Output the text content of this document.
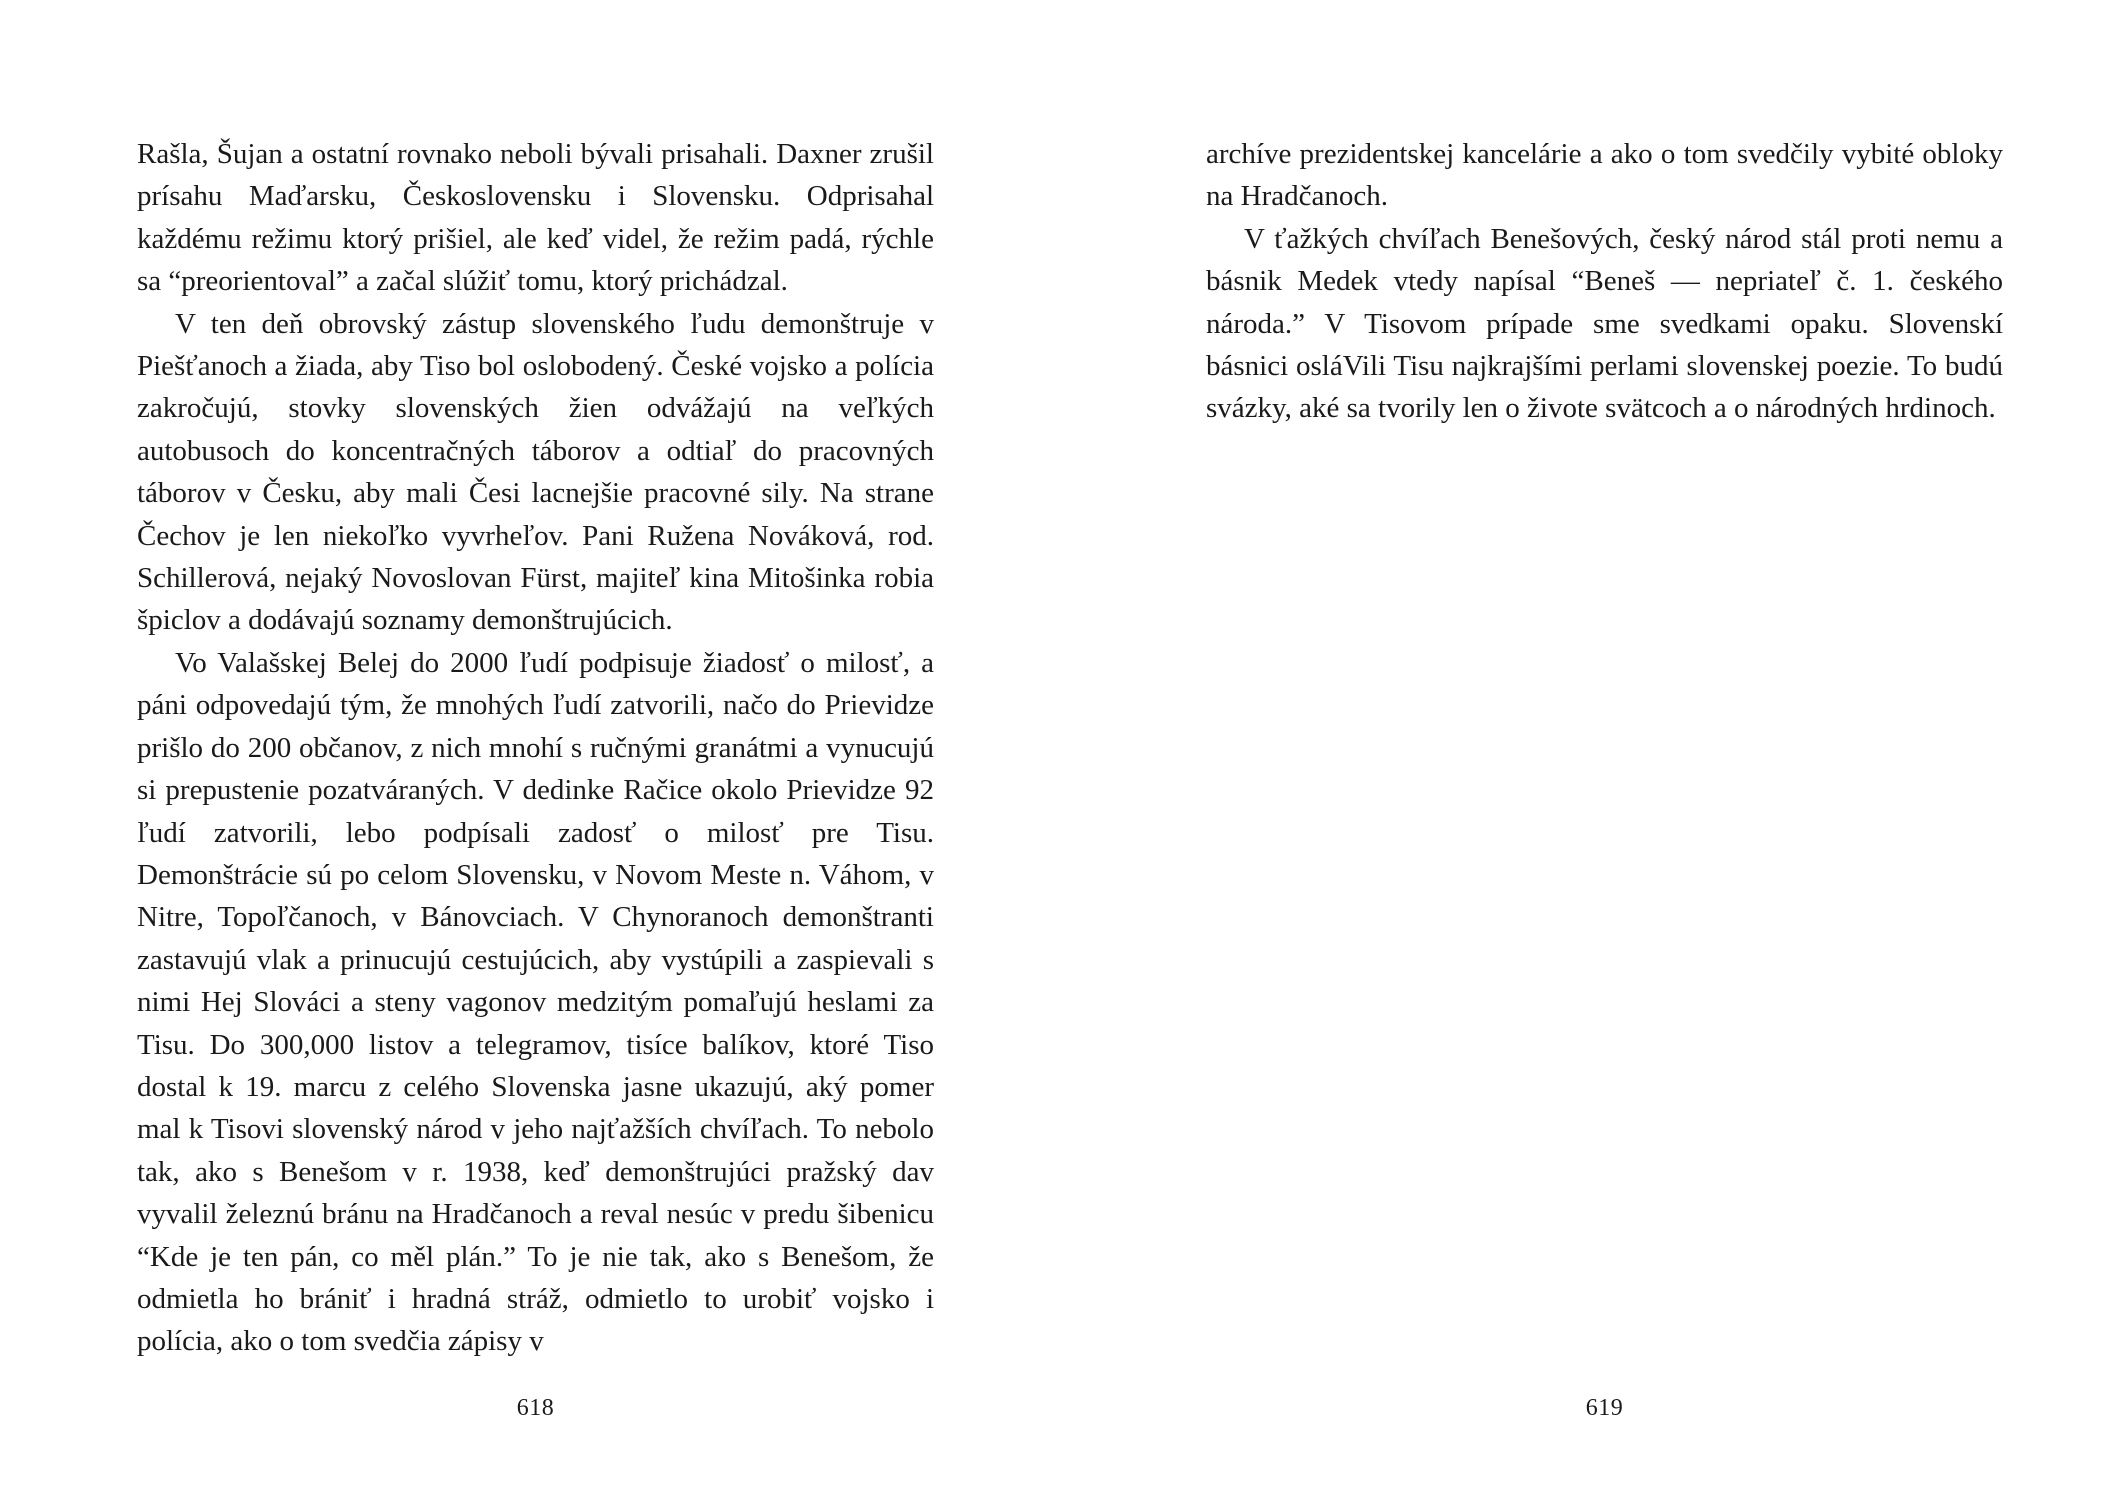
Rašla, Šujan a ostatní rovnako neboli bývali prisahali. Daxner zrušil prísahu Maďarsku, Československu i Slovensku. Odprisahal každému režimu ktorý prišiel, ale keď videl, že režim padá, rýchle sa “preorientoval” a začal slúžiť tomu, ktorý prichádzal.

V ten deň obrovský zástup slovenského ľudu demonštruje v Piešťanoch a žiada, aby Tiso bol oslobodený. České vojsko a polícia zakročujú, stovky slovenských žien odvážajú na veľkých autobusoch do koncentračných táborov a odtiaľ do pracovných táborov v Česku, aby mali Česi lacnejšie pracovné sily. Na strane Čechov je len niekoľko vyvrheľov. Pani Ružena Nováková, rod. Schillerová, nejaký Novoslovan Fürst, majiteľ kina Mitošinka robia špiclov a dodávajú soznamy demonštrujúcich.

Vo Valašskej Belej do 2000 ľudí podpisuje žiadosť o milosť, a páni odpovedajú tým, že mnohých ľudí zatvorili, načo do Prievidze prišlo do 200 občanov, z nich mnohí s ručnými granátmi a vynucujú si prepustenie pozatváraných. V dedinke Račice okolo Prievidze 92 ľudí zatvorili, lebo podpísali zadosť o milosť pre Tisu. Demonštrácie sú po celom Slovensku, v Novom Meste n. Váhom, v Nitre, Topoľčanoch, v Bánovciach. V Chynoranoch demonštranti zastavujú vlak a prinucujú cestujúcich, aby vystúpili a zaspievali s nimi Hej Slováci a steny vagonov medzitým pomaľujú heslami za Tisu. Do 300,000 listov a telegramov, tisíce balíkov, ktoré Tiso dostal k 19. marcu z celého Slovenska jasne ukazujú, aký pomer mal k Tisovi slovenský národ v jeho najťažších chvíľach. To nebolo tak, ako s Benešom v r. 1938, keď demonštrujúci pražský dav vyvalil železnú bránu na Hradčanoch a reval nesúc v predu šibenicu “Kde je ten pán, co měl plán.” To je nie tak, ako s Benešom, že odmietla ho brániť i hradná stráž, odmietlo to urobiť vojsko i polícia, ako o tom svedčia zápisy v

618

archíve prezidentskej kancelárie a ako o tom svedčily vybité obloky na Hradčanoch.

V ťažkých chvíľach Benešových, český národ stál proti nemu a básnik Medek vtedy napísal “Beneš — nepriateľ č. 1. českého národa.” V Tisovom prípade sme svedkami opaku. Slovenskí básnici osláVili Tisu najkrajšími perlami slovenskej poezie. To budú svázky, aké sa tvorily len o živote svätcoch a o národných hrdinoch.

619
